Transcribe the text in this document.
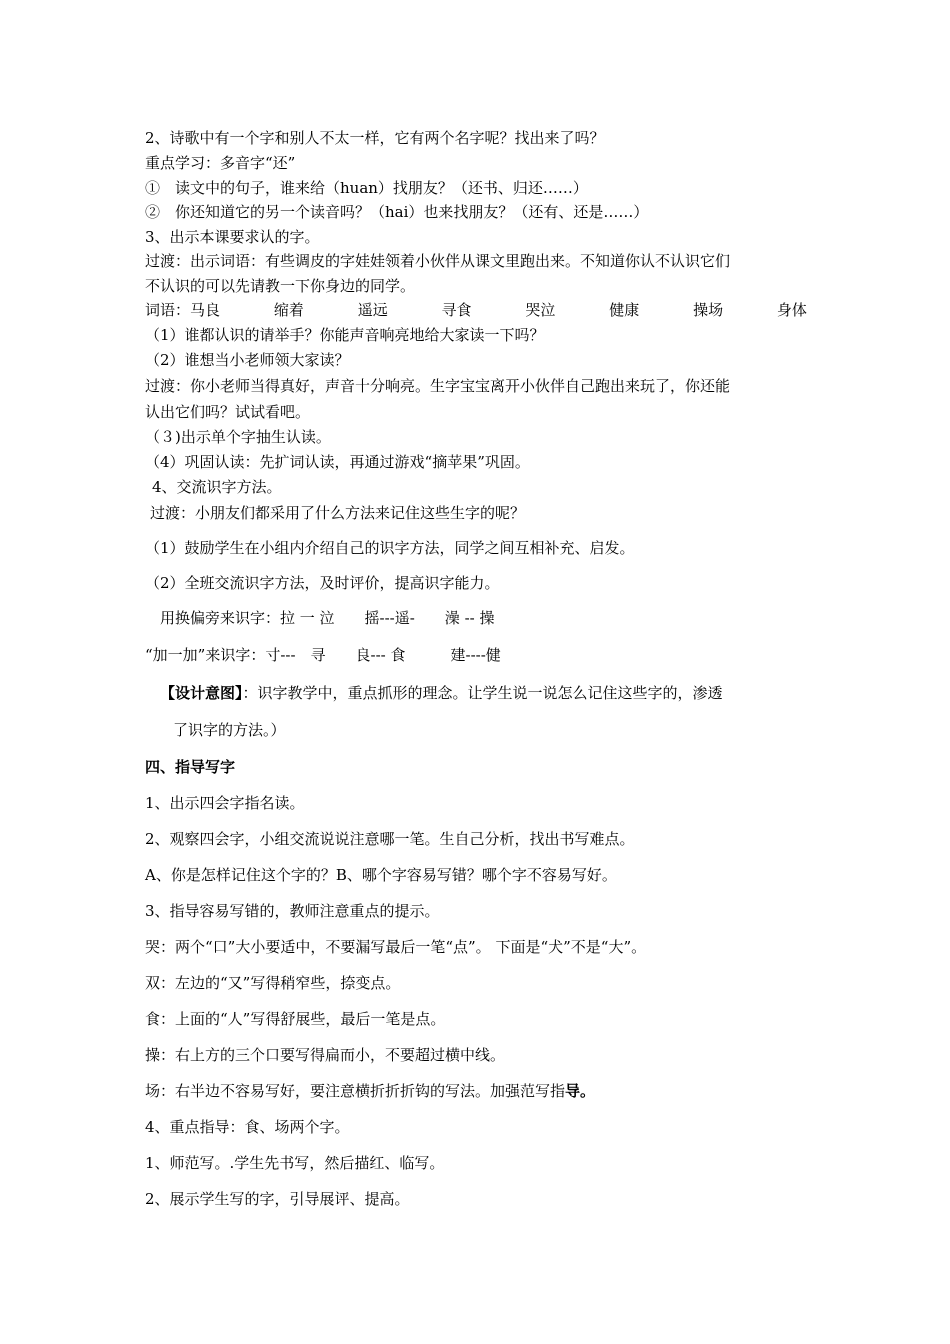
2、诗歌中有一个字和别人不太一样，它有两个名字呢？找出来了吗？
重点学习：多音字“还”
①　读文中的句子，谁来给（huan）找朋友？（还书、归还……）
②　你还知道它的另一个读音吗？（hai）也来找朋友？（还有、还是……）
3、出示本课要求认的字。
过渡：出示词语：有些调皮的字娃娃领着小伙伴从课文里跑出来。不知道你认不认识它们
不认识的可以先请教一下你身边的同学。
词语：马良	缩着	遥远	寻食	哭泣	健康	操场	身体
（1）谁都认识的请举手？你能声音响亮地给大家读一下吗？
（2）谁想当小老师领大家读？
过渡：你小老师当得真好，声音十分响亮。生字宝宝离开小伙伴自己跑出来玩了，你还能
认出它们吗？试试看吧。
（３)出示单个字抽生认读。
（4）巩固认读：先扩词认读，再通过游戏“摘苹果”巩固。
4、交流识字方法。
过渡：小朋友们都采用了什么方法来记住这些生字的呢？
（1）鼓励学生在小组内介绍自己的识字方法，同学之间互相补充、启发。
（2）全班交流识字方法，及时评价，提高识字能力。
用换偏旁来识字：拉 一 泣　　摇---遥-　　澡 -- 操
“加一加”来识字：寸---　寻　　良--- 食　　　建----健
【设计意图】：识字教学中，重点抓形的理念。让学生说一说怎么记住这些字的，渗透
了识字的方法。）
四、指导写字
1、出示四会字指名读。
2、观察四会字，小组交流说说注意哪一笔。生自己分析，找出书写难点。
A、你是怎样记住这个字的？B、哪个字容易写错？哪个字不容易写好。
3、指导容易写错的，教师注意重点的提示。
哭：两个“口”大小要适中，不要漏写最后一笔“点”。 下面是“犬”不是“大”。
双：左边的“又”写得稍窄些，捺变点。
食：上面的“人”写得舒展些，最后一笔是点。
操：右上方的三个口要写得扁而小，不要超过横中线。
场：右半边不容易写好，要注意横折折折钩的写法。加强范写指导。
4、重点指导：食、场两个字。
1、师范写。.学生先书写，然后描红、临写。
2、展示学生写的字，引导展评、提高。
